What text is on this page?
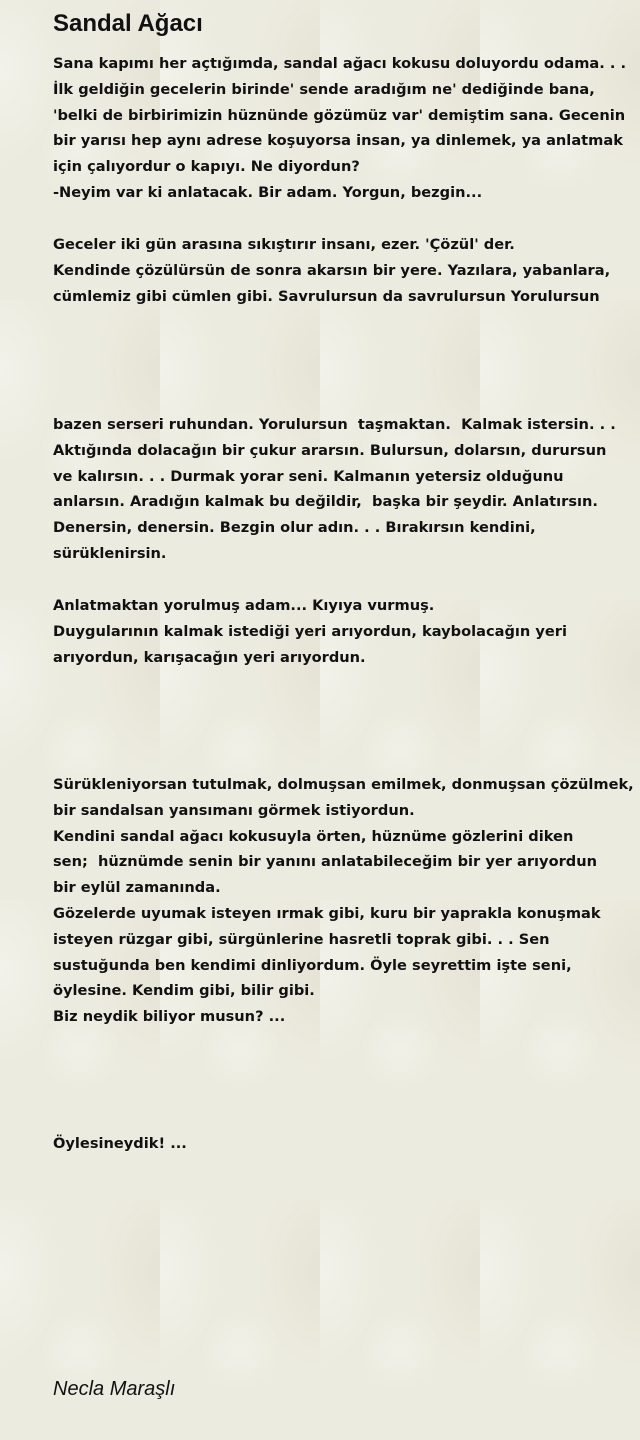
Sandal Ağacı
Sana kapımı her açtığımda, sandal ağacı kokusu doluyordu odama. . .
İlk geldiğin gecelerin birinde' sende aradığım ne' dediğinde bana,
'belki de birbirimizin hüznünde gözümüz var' demiştim sana. Gecenin
bir yarısı hep aynı adrese koşuyorsa insan, ya dinlemek, ya anlatmak
için çalıyordur o kapıyı. Ne diyordun?
-Neyim var ki anlatacak. Bir adam. Yorgun, bezgin...
Geceler iki gün arasına sıkıştırır insanı, ezer. 'Çözül' der.
Kendinde çözülürsün de sonra akarsın bir yere. Yazılara, yabanlara,
cümlemiz gibi cümlen gibi. Savrulursun da savrulursun Yorulursun
bazen serseri ruhundan. Yorulursun  taşmaktan.  Kalmak istersin. . .
Aktığında dolacağın bir çukur ararsın. Bulursun, dolarsın, durursun
ve kalırsın. . . Durmak yorar seni. Kalmanın yetersiz olduğunu
anlarsın. Aradığın kalmak bu değildir,  başka bir şeydir. Anlatırsın.
Denersin, denersin. Bezgin olur adın. . . Bırakırsın kendini,
sürüklenirsin.
Anlatmaktan yorulmuş adam... Kıyıya vurmuş.
Duygularının kalmak istediği yeri arıyordun, kaybolacağın yeri
arıyordun, karışacağın yeri arıyordun.
Sürükleniyorsan tutulmak, dolmuşsan emilmek, donmuşsan çözülmek,
bir sandalsan yansımanı görmek istiyordun.
Kendini sandal ağacı kokusuyla örten, hüznüme gözlerini diken
sen;  hüznümde senin bir yanını anlatabileceğim bir yer arıyordun
bir eylül zamanında.
Gözelerde uyumak isteyen ırmak gibi, kuru bir yaprakla konuşmak
isteyen rüzgar gibi, sürgünlerine hasretli toprak gibi. . . Sen
sustuğunda ben kendimi dinliyordum. Öyle seyrettim işte seni,
öylesine. Kendim gibi, bilir gibi.
Biz neydik biliyor musun? ...
Öylesineydik! ...
Necla Maraşlı
